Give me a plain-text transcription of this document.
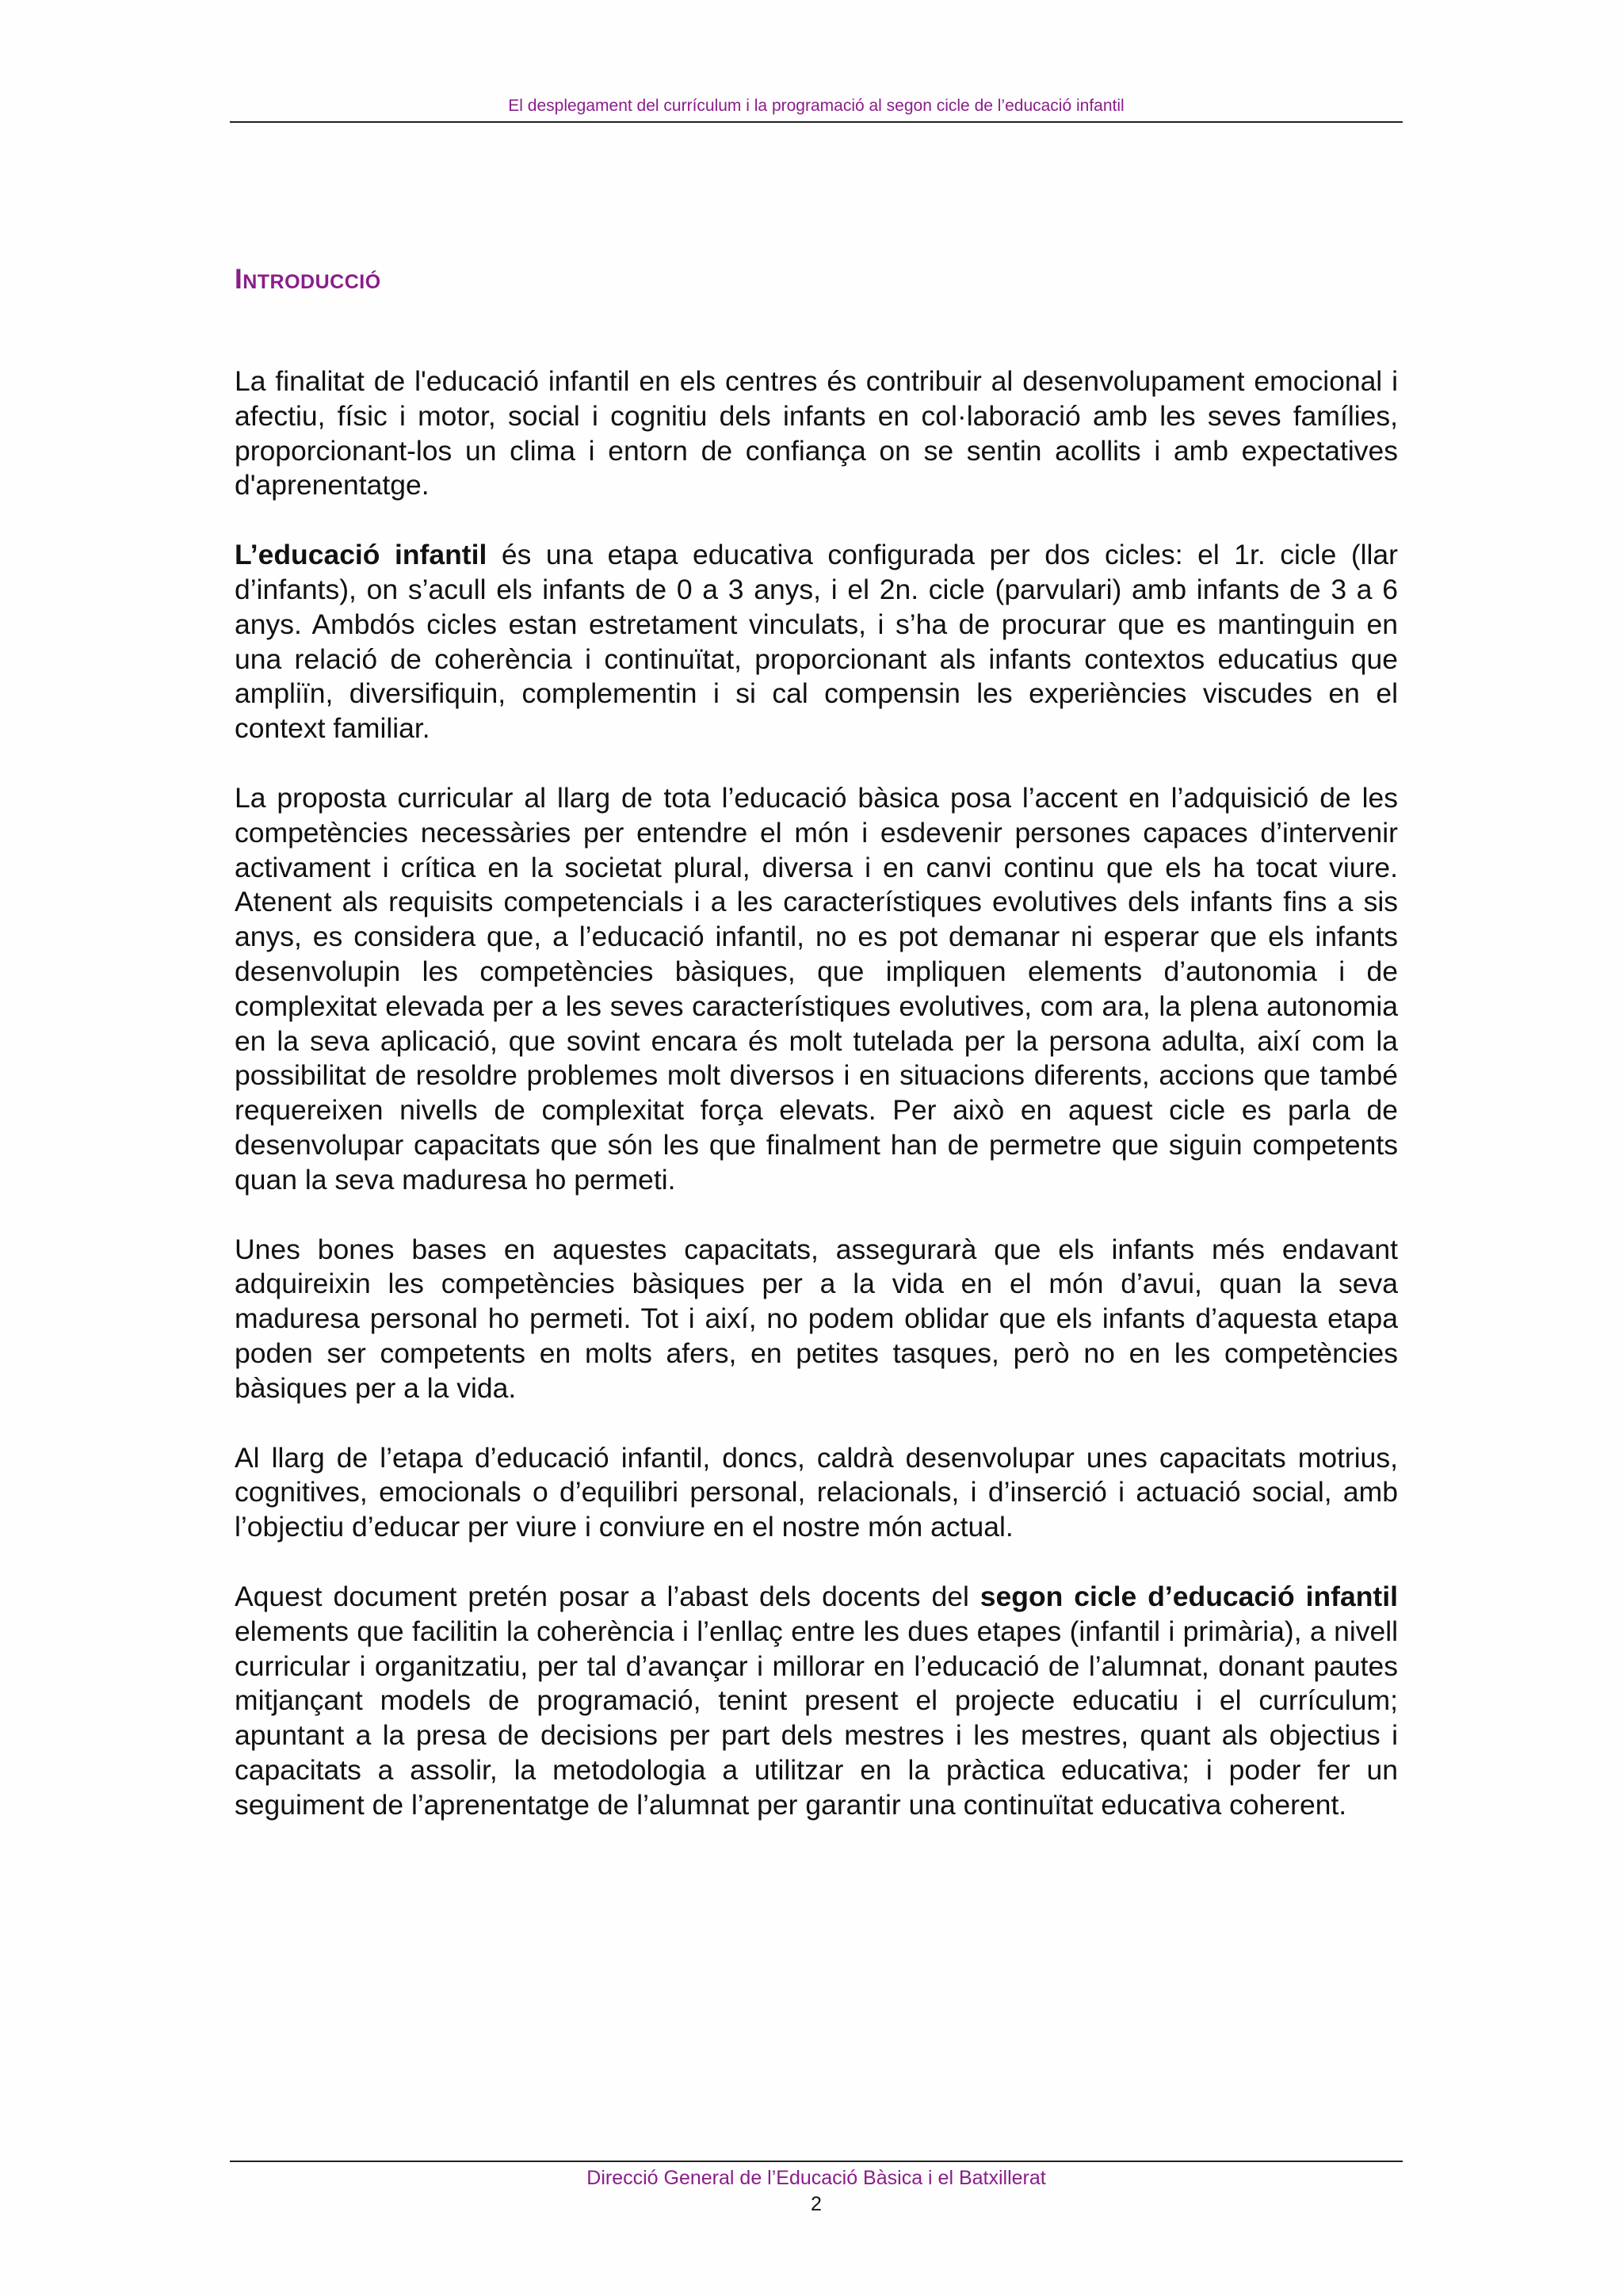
El desplegament del currículum i la programació al segon cicle de l’educació infantil
Introducció

La finalitat de l'educació infantil en els centres és contribuir al desenvolupament emocional i afectiu, físic i motor, social i cognitiu dels infants en col·laboració amb les seves famílies, proporcionant-los un clima i entorn de confiança on se sentin acollits i amb expectatives d'aprenentatge.

L’educació infantil és una etapa educativa configurada per dos cicles: el 1r. cicle (llar d’infants), on s’acull els infants de 0 a 3 anys, i el 2n. cicle (parvulari) amb infants de 3 a 6 anys. Ambdós cicles estan estretament vinculats, i s’ha de procurar que es mantinguin en una relació de coherència i continuïtat, proporcionant als infants contextos educatius que ampliïn, diversifiquin, complementin i si cal compensin les experiències viscudes en el context familiar.

La proposta curricular al llarg de tota l’educació bàsica posa l’accent en l’adquisició de les competències necessàries per entendre el món i esdevenir persones capaces d’intervenir activament i crítica en la societat plural, diversa i en canvi continu que els ha tocat viure. Atenent als requisits competencials i a les característiques evolutives dels infants fins a sis anys, es considera que, a l’educació infantil, no es pot demanar ni esperar que els infants desenvolupin les competències bàsiques, que impliquen elements d’autonomia i de complexitat elevada per a les seves característiques evolutives, com ara, la plena autonomia en la seva aplicació, que sovint encara és molt tutelada per la persona adulta, així com la possibilitat de resoldre problemes molt diversos i en situacions diferents, accions que també requereixen nivells de complexitat força elevats. Per això en aquest cicle es parla de desenvolupar capacitats que són les que finalment han de permetre que siguin competents quan la seva maduresa ho permeti.

Unes bones bases en aquestes capacitats, assegurarà que els infants més endavant adquireixin les competències bàsiques per a la vida en el món d’avui, quan la seva maduresa personal ho permeti. Tot i així, no podem oblidar que els infants d’aquesta etapa poden ser competents en molts afers, en petites tasques, però no en les competències bàsiques per a la vida.

Al llarg de l’etapa d’educació infantil, doncs, caldrà desenvolupar unes capacitats motrius, cognitives, emocionals o d’equilibri personal, relacionals, i d’inserció i actuació social, amb l’objectiu d’educar per viure i conviure en el nostre món actual.

Aquest document pretén posar a l’abast dels docents del segon cicle d’educació infantil elements que facilitin la coherència i l’enllaç entre les dues etapes (infantil i primària), a nivell curricular i organitzatiu, per tal d’avançar i millorar en l’educació de l’alumnat, donant pautes mitjançant models de programació, tenint present el projecte educatiu i el currículum; apuntant a la presa de decisions per part dels mestres i les mestres, quant als objectius i capacitats a assolir, la metodologia a utilitzar en la pràctica educativa; i poder fer un seguiment de l’aprenentatge de l’alumnat per garantir una continuïtat educativa coherent.

Direcció General de l’Educació Bàsica i el Batxillerat
2
